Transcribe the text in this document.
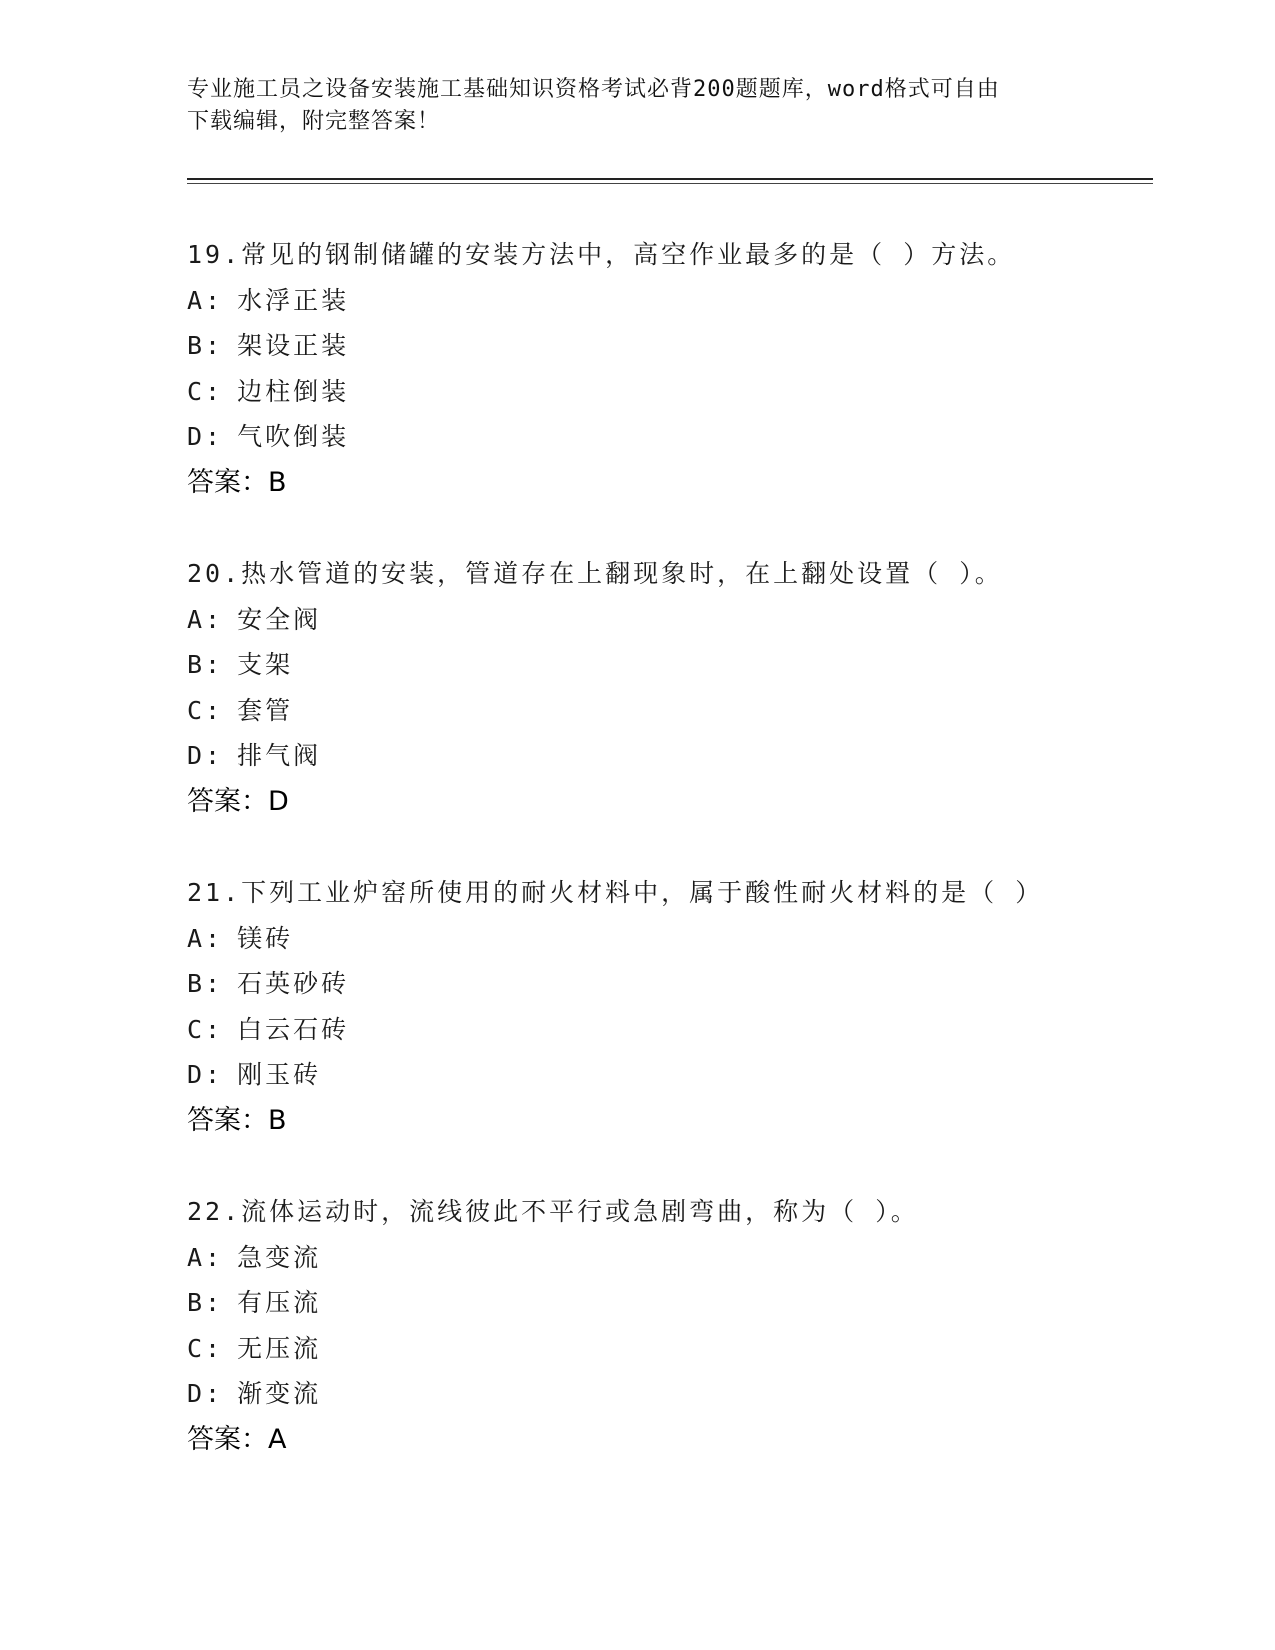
专业施工员之设备安装施工基础知识资格考试必背200题题库，word格式可自由
下载编辑，附完整答案！
19.常见的钢制储罐的安装方法中，高空作业最多的是（ ）方法。
A: 水浮正装
B: 架设正装
C: 边柱倒装
D: 气吹倒装
答案：B
20.热水管道的安装，管道存在上翻现象时，在上翻处设置（ ）。
A: 安全阀
B: 支架
C: 套管
D: 排气阀
答案：D
21.下列工业炉窑所使用的耐火材料中，属于酸性耐火材料的是（ ）
A: 镁砖
B: 石英砂砖
C: 白云石砖
D: 刚玉砖
答案：B
22.流体运动时，流线彼此不平行或急剧弯曲，称为（ ）。
A: 急变流
B: 有压流
C: 无压流
D: 渐变流
答案：A
